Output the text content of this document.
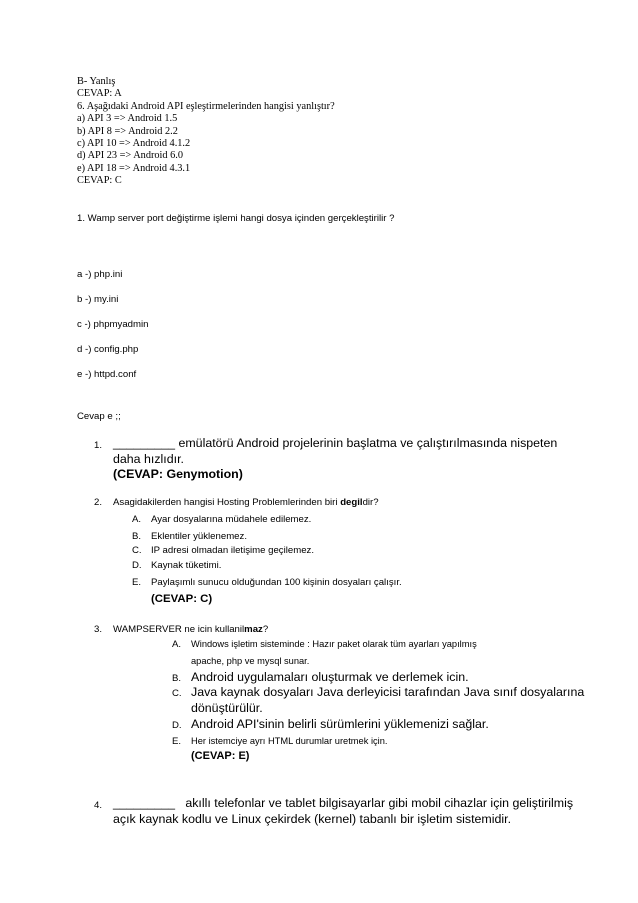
B- Yanlış
CEVAP: A
6. Aşağıdaki Android API eşleştirmelerinden hangisi yanlıştır?
a) API 3 => Android 1.5
b) API 8 => Android 2.2
c) API 10 => Android 4.1.2
d) API 23 => Android 6.0
e) API 18 => Android 4.3.1
CEVAP: C
1. Wamp server port değiştirme işlemi hangi dosya içinden gerçekleştirilir ?
a -) php.ini
b -) my.ini
c -) phpmyadmin
d -) config.php
e -) httpd.conf
Cevap e ;;
1. _________ emülatörü Android projelerinin başlatma ve çalıştırılmasında nispeten
daha hızlıdır.
(CEVAP: Genymotion)
2. Asagidakilerden hangisi Hosting Problemlerinden biri degildir?
A. Ayar dosyalarına müdahele edilemez.
B. Eklentiler yüklenemez.
C. IP adresi olmadan iletişime geçilemez.
D. Kaynak tüketimi.
E. Paylaşımlı sunucu olduğundan 100 kişinin dosyaları çalışır.
(CEVAP: C)
3. WAMPSERVER ne icin kullanilmaz?
A. Windows işletim sisteminde : Hazır paket olarak tüm ayarları yapılmış
apache, php ve mysql sunar.
B. Android uygulamaları oluşturmak ve derlemek icin.
C. Java kaynak dosyaları Java derleyicisi tarafından Java sınıf dosyalarına
dönüştürülür.
D. Android API'sinin belirli sürümlerini yüklemenizi sağlar.
E. Her istemciye ayrı HTML durumlar uretmek için.
(CEVAP: E)
4. _________   akıllı telefonlar ve tablet bilgisayarlar gibi mobil cihazlar için geliştirilmiş
açık kaynak kodlu ve Linux çekirdek (kernel) tabanlı bir işletim sistemidir.
